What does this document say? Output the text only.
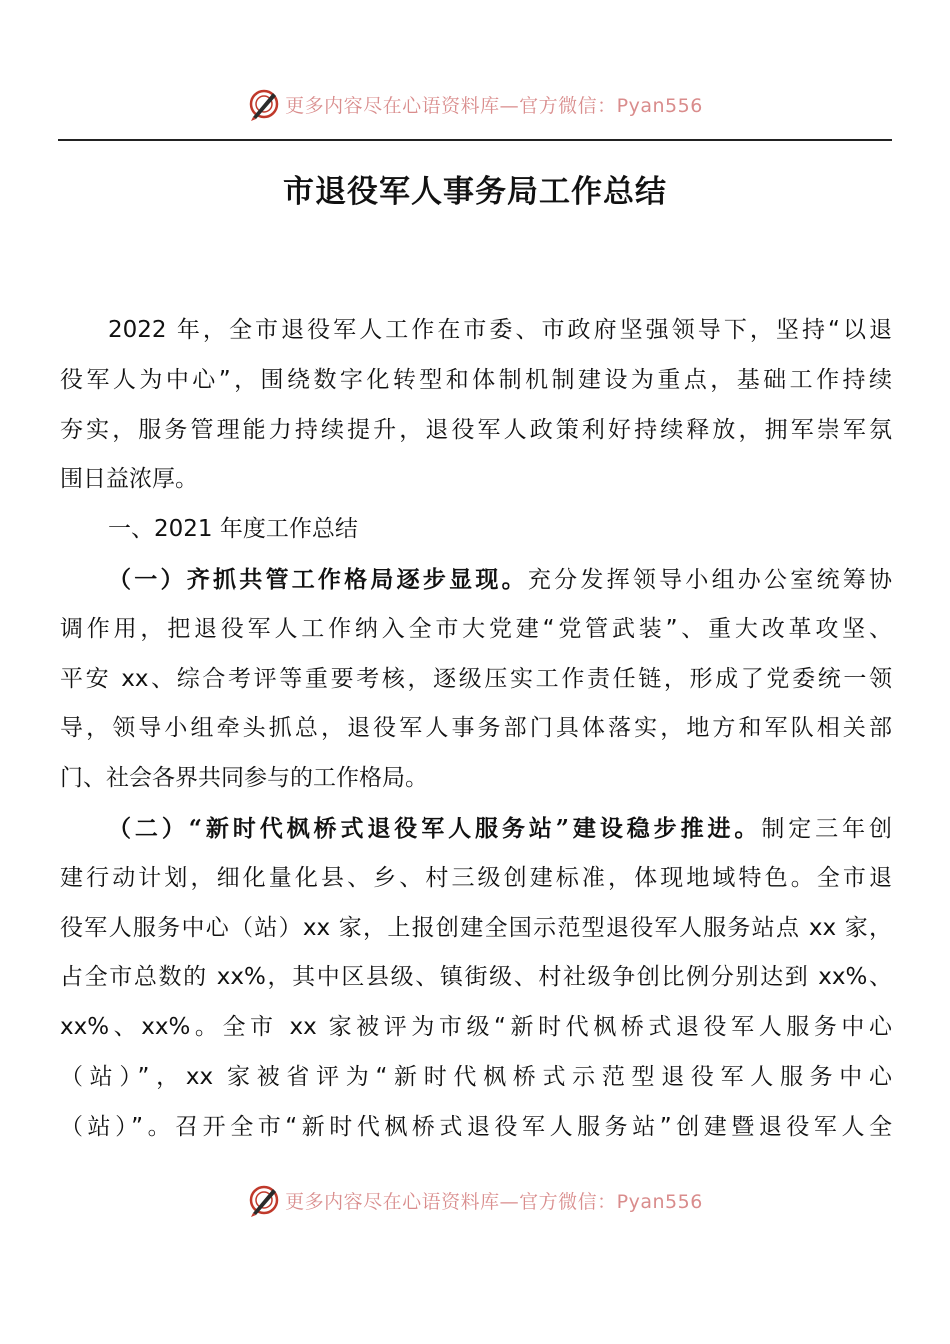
更多内容尽在心语资料库—官方微信：Pyan556
市退役军人事务局工作总结
2022 年，全市退役军人工作在市委、市政府坚强领导下，坚持“以退
役军人为中心”，围绕数字化转型和体制机制建设为重点，基础工作持续
夯实，服务管理能力持续提升，退役军人政策利好持续释放，拥军崇军氛
围日益浓厚。
一、2021 年度工作总结
（一）齐抓共管工作格局逐步显现。充分发挥领导小组办公室统筹协
调作用，把退役军人工作纳入全市大党建“党管武装”、重大改革攻坚、
平安 xx、综合考评等重要考核，逐级压实工作责任链，形成了党委统一领
导，领导小组牵头抓总，退役军人事务部门具体落实，地方和军队相关部
门、社会各界共同参与的工作格局。
（二）“新时代枫桥式退役军人服务站”建设稳步推进。制定三年创
建行动计划，细化量化县、乡、村三级创建标准，体现地域特色。全市退
役军人服务中心（站）xx 家，上报创建全国示范型退役军人服务站点 xx 家，
占全市总数的 xx%，其中区县级、镇街级、村社级争创比例分别达到 xx%、
xx%、xx%。全市 xx 家被评为市级“新时代枫桥式退役军人服务中心
（站）”，xx 家被省评为“新时代枫桥式示范型退役军人服务中心
（站）”。召开全市“新时代枫桥式退役军人服务站”创建暨退役军人全
更多内容尽在心语资料库—官方微信：Pyan556
